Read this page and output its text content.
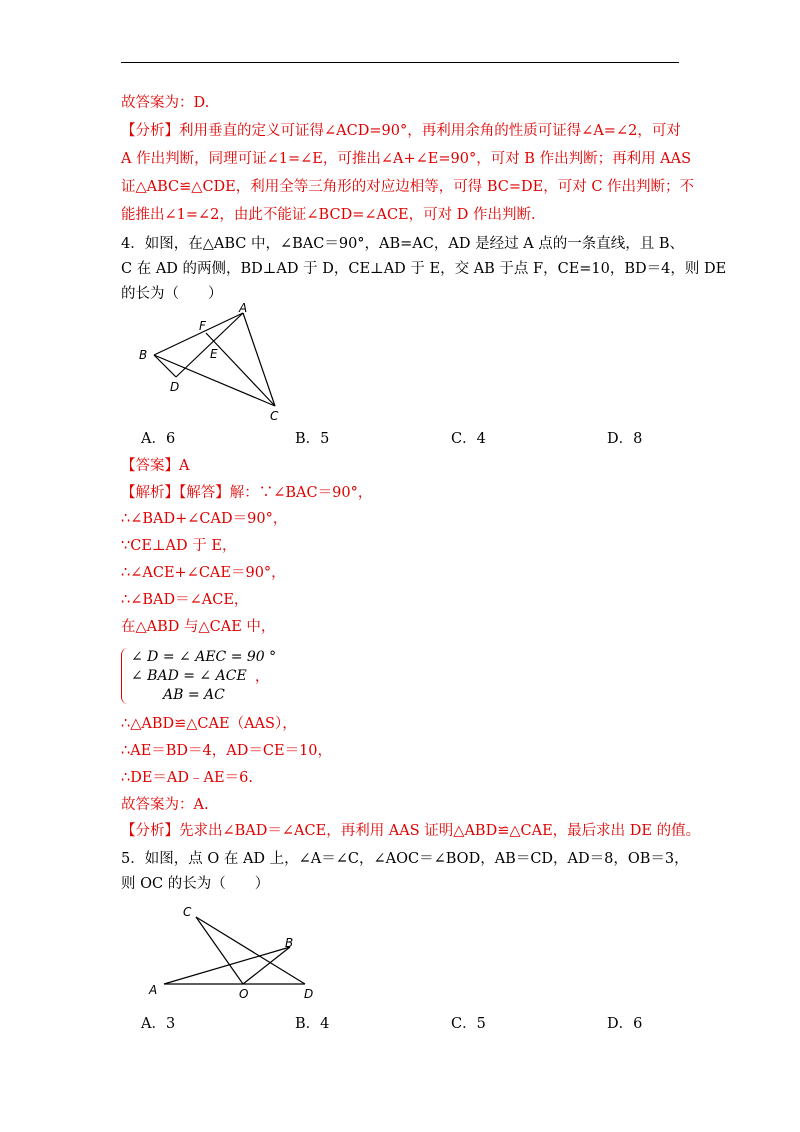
故答案为：D.
【分析】利用垂直的定义可证得∠ACD=90°，再利用余角的性质可证得∠A=∠2，可对
A 作出判断，同理可证∠1=∠E，可推出∠A+∠E=90°，可对 B 作出判断；再利用 AAS
证△ABC≌△CDE，利用全等三角形的对应边相等，可得 BC=DE，可对 C 作出判断；不
能推出∠1=∠2，由此不能证∠BCD=∠ACE，可对 D 作出判断.
4．如图，在△ABC 中，∠BAC＝90°，AB=AC，AD 是经过 A 点的一条直线，且 B、
C 在 AD 的两侧，BD⊥AD 于 D，CE⊥AD 于 E，交 AB 于点 F，CE=10，BD＝4，则 DE
的长为（　　）
A
F
B	E
D
C
A．6	B．5	C．4	D．8
【答案】A
【解析】【解答】解：∵∠BAC＝90°，
∴∠BAD+∠CAD＝90°，
∵CE⊥AD 于 E，
∴∠ACE+∠CAE＝90°，
∴∠BAD＝∠ACE，
在△ABD 与△CAE 中，
∠ D = ∠ AEC = 90 °
∠ BAD = ∠ ACE
AB = AC
，
∴△ABD≌△CAE（AAS），
∴AE＝BD＝4，AD＝CE＝10，
∴DE＝AD﹣AE＝6.
故答案为：A.
【分析】先求出∠BAD＝∠ACE，再利用 AAS 证明△ABD≌△CAE，最后求出 DE 的值。
5．如图，点 O 在 AD 上，∠A＝∠C，∠AOC＝∠BOD，AB＝CD，AD＝8，OB＝3，
则 OC 的长为（　　）
C
B
A	O	D
A．3	B．4	C．5	D．6
